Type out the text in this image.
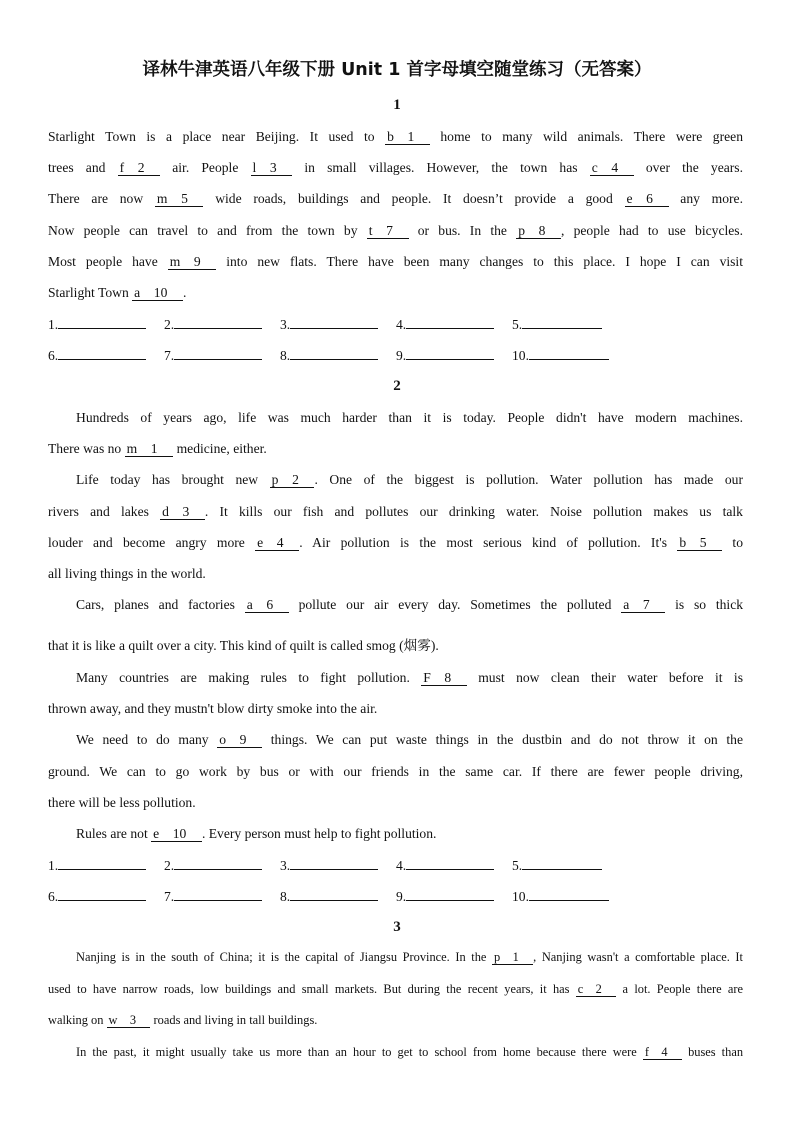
译林牛津英语八年级下册 Unit 1 首字母填空随堂练习（无答案）
1
Starlight Town is a place near Beijing. It used to b 1  home to many wild animals. There were green
trees and f 2  air. People l 3  in small villages. However, the town has c 4  over the years.
There are now m 5  wide roads, buildings and people. It doesn’t provide a good e 6  any more.
Now people can travel to and from the town by t 7  or bus. In the p 8 , people had to use bicycles.
Most people have m 9  into new flats. There have been many changes to this place. I hope I can visit
Starlight Town a 10 .
1.	2.	3.	4.	5.
6.	7.	8.	9.	10.
2
Hundreds of years ago, life was much harder than it is today. People didn't have modern machines.
There was no m 1  medicine, either.
Life today has brought new p 2 . One of the biggest is pollution. Water pollution has made our
rivers and lakes d 3 . It kills our fish and pollutes our drinking water. Noise pollution makes us talk
louder and become angry more e 4 . Air pollution is the most serious kind of pollution. It's b 5  to
all living things in the world.
Cars, planes and factories a 6  pollute our air every day. Sometimes the polluted a 7  is so thick
that it is like a quilt over a city. This kind of quilt is called smog (烟雾).
Many countries are making rules to fight pollution. F 8  must now clean their water before it is
thrown away, and they mustn't blow dirty smoke into the air.
We need to do many o 9  things. We can put waste things in the dustbin and do not throw it on the
ground. We can to go work by bus or with our friends in the same car. If there are fewer people driving,
there will be less pollution.
Rules are not e 10 . Every person must help to fight pollution.
1.	2.	3.	4.	5.
6.	7.	8.	9.	10.
3
Nanjing is in the south of China; it is the capital of Jiangsu Province. In the p 1 , Nanjing wasn't a comfortable place. It
used to have narrow roads, low buildings and small markets. But during the recent years, it has c 2  a lot. People there are
walking on w 3  roads and living in tall buildings.
In the past, it might usually take us more than an hour to get to school from home because there were f 4  buses than
